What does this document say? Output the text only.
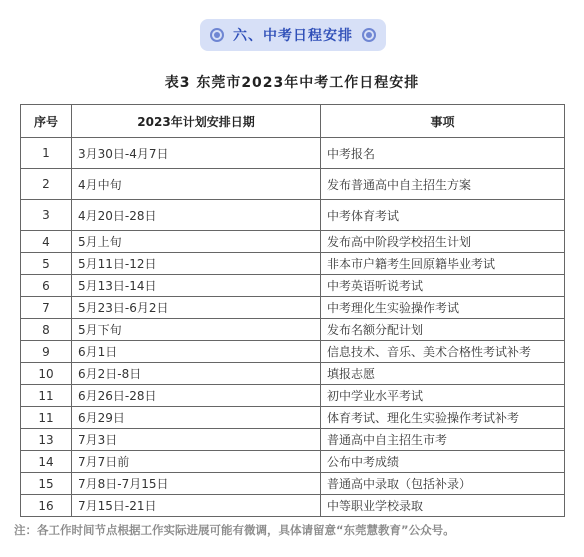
六、中考日程安排
表3 东莞市2023年中考工作日程安排
序号	2023年计划安排日期	事项
1	3月30日-4月7日	中考报名
2	4月中旬	发布普通高中自主招生方案
3	4月20日-28日	中考体育考试
4	5月上旬	发布高中阶段学校招生计划
5	5月11日-12日	非本市户籍考生回原籍毕业考试
6	5月13日-14日	中考英语听说考试
7	5月23日-6月2日	中考理化生实验操作考试
8	5月下旬	发布名额分配计划
9	6月1日	信息技术、音乐、美术合格性考试补考
10	6月2日-8日	填报志愿
11	6月26日-28日	初中学业水平考试
11	6月29日	体育考试、理化生实验操作考试补考
13	7月3日	普通高中自主招生市考
14	7月7日前	公布中考成绩
15	7月8日-7月15日	普通高中录取（包括补录）
16	7月15日-21日	中等职业学校录取
注：各工作时间节点根据工作实际进展可能有微调，具体请留意“东莞慧教育”公众号。
